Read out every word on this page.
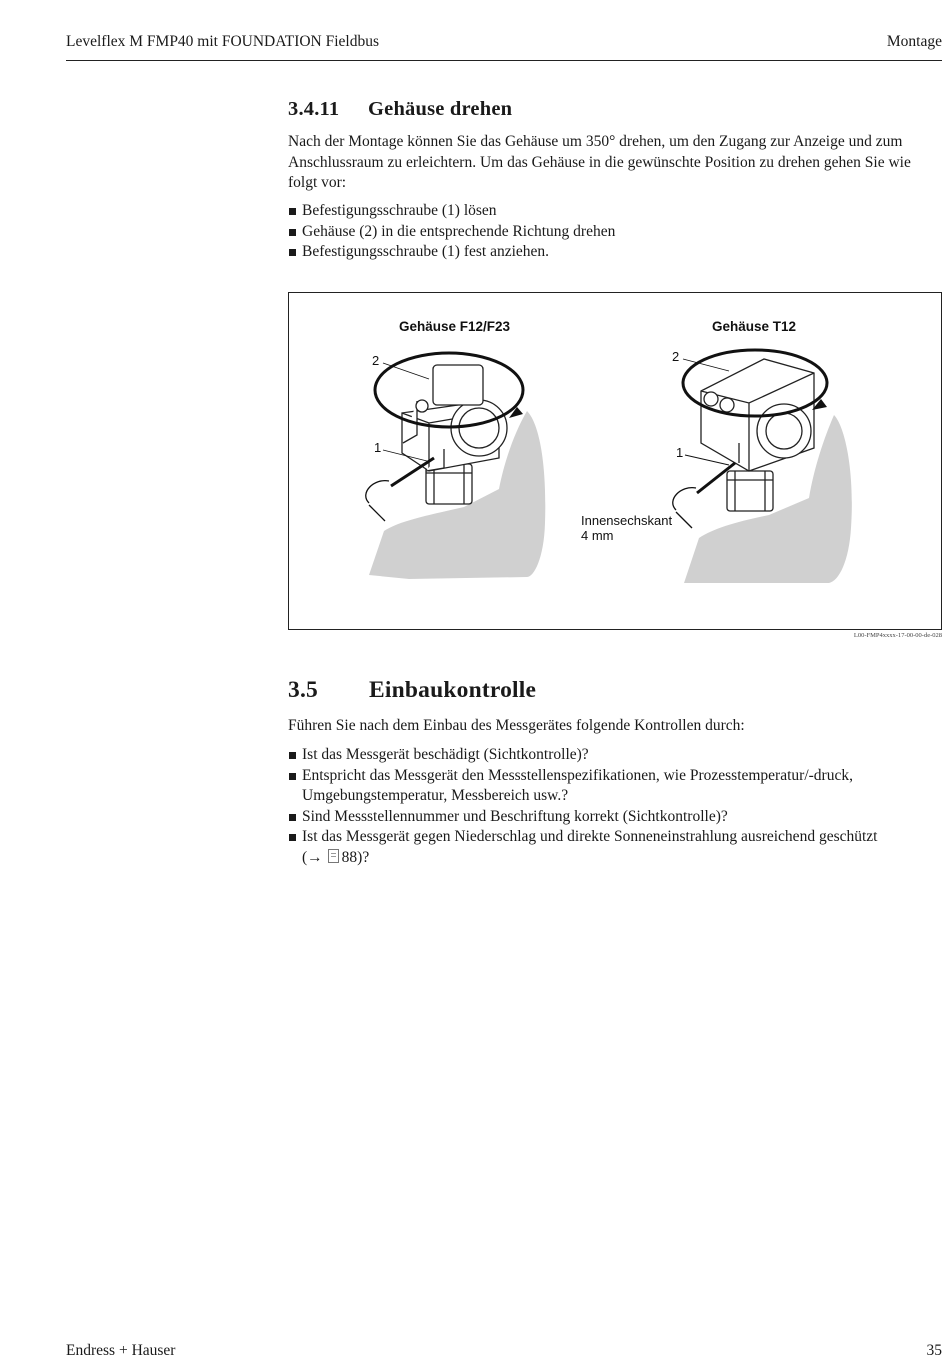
Levelflex M FMP40 mit FOUNDATION Fieldbus	Montage
3.4.11 Gehäuse drehen
Nach der Montage können Sie das Gehäuse um 350° drehen, um den Zugang zur Anzeige und zum Anschlussraum zu erleichtern. Um das Gehäuse in die gewünschte Position zu drehen gehen Sie wie folgt vor:
Befestigungsschraube (1) lösen
Gehäuse (2) in die entsprechende Richtung drehen
Befestigungsschraube (1) fest anziehen.
Gehäuse F12/F23	Gehäuse T12
2
1
2
1
Innensechskant
4 mm
L00-FMP4xxxx-17-00-00-de-028
3.5 Einbaukontrolle
Führen Sie nach dem Einbau des Messgerätes folgende Kontrollen durch:
Ist das Messgerät beschädigt (Sichtkontrolle)?
Entspricht das Messgerät den Messstellenspezifikationen, wie Prozesstemperatur/-druck, Umgebungstemperatur, Messbereich usw.?
Sind Messstellennummer und Beschriftung korrekt (Sichtkontrolle)?
Ist das Messgerät gegen Niederschlag und direkte Sonneneinstrahlung ausreichend geschützt
(→ 88)?
Endress + Hauser	35
